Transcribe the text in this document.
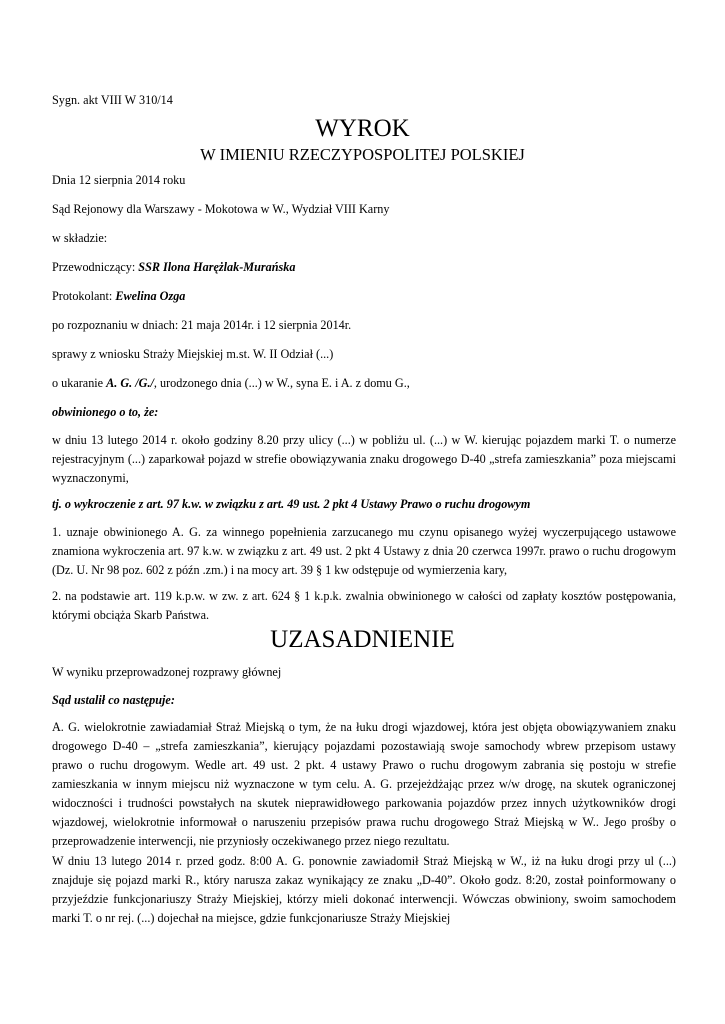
Sygn. akt VIII W 310/14
WYROK
W IMIENIU RZECZYPOSPOLITEJ POLSKIEJ
Dnia 12 sierpnia 2014 roku
Sąd Rejonowy dla Warszawy - Mokotowa w W., Wydział VIII Karny
w składzie:
Przewodniczący: SSR Ilona Harężlak-Murańska
Protokolant: Ewelina Ozga
po rozpoznaniu w dniach: 21 maja 2014r. i 12 sierpnia 2014r.
sprawy z wniosku Straży Miejskiej m.st. W. II Odział (...)
o ukaranie A. G. /G./, urodzonego dnia (...) w W., syna E. i A. z domu G.,
obwinionego o to, że:
w dniu 13 lutego 2014 r. około godziny 8.20 przy ulicy (...) w pobliżu ul. (...) w W. kierując pojazdem marki T. o numerze rejestracyjnym (...) zaparkował pojazd w strefie obowiązywania znaku drogowego D-40 „strefa zamieszkania” poza miejscami wyznaczonymi,
tj. o wykroczenie z art. 97 k.w. w związku z art. 49 ust. 2 pkt 4 Ustawy Prawo o ruchu drogowym
1. uznaje obwinionego A. G. za winnego popełnienia zarzucanego mu czynu opisanego wyżej wyczerpującego ustawowe znamiona wykroczenia art. 97 k.w. w związku z art. 49 ust. 2 pkt 4 Ustawy z dnia 20 czerwca 1997r. prawo o ruchu drogowym (Dz. U. Nr 98 poz. 602 z późn .zm.) i na mocy art. 39 § 1 kw odstępuje od wymierzenia kary,
2. na podstawie art. 119 k.p.w. w zw. z art. 624 § 1 k.p.k. zwalnia obwinionego w całości od zapłaty kosztów postępowania, którymi obciąża Skarb Państwa.
UZASADNIENIE
W wyniku przeprowadzonej rozprawy głównej
Sąd ustalił co następuje:
A. G. wielokrotnie zawiadamiał Straż Miejską o tym, że na łuku drogi wjazdowej, która jest objęta obowiązywaniem znaku drogowego D-40 – „strefa zamieszkania”, kierujący pojazdami pozostawiają swoje samochody wbrew przepisom ustawy prawo o ruchu drogowym. Wedle art. 49 ust. 2 pkt. 4 ustawy Prawo o ruchu drogowym zabrania się postoju w strefie zamieszkania w innym miejscu niż wyznaczone w tym celu. A. G. przejeżdżając przez w/w drogę, na skutek ograniczonej widoczności i trudności powstałych na skutek nieprawidłowego parkowania pojazdów przez innych użytkowników drogi wjazdowej, wielokrotnie informował o naruszeniu przepisów prawa ruchu drogowego Straż Miejską w W.. Jego prośby o przeprowadzenie interwencji, nie przyniosły oczekiwanego przez niego rezultatu.
W dniu 13 lutego 2014 r. przed godz. 8:00 A. G. ponownie zawiadomił Straż Miejską w W., iż na łuku drogi przy ul (...) znajduje się pojazd marki R., który narusza zakaz wynikający ze znaku „D-40”. Około godz. 8:20, został poinformowany o przyjeździe funkcjonariuszy Straży Miejskiej, którzy mieli dokonać interwencji. Wówczas obwiniony, swoim samochodem marki T. o nr rej. (...) dojechał na miejsce, gdzie funkcjonariusze Straży Miejskiej
